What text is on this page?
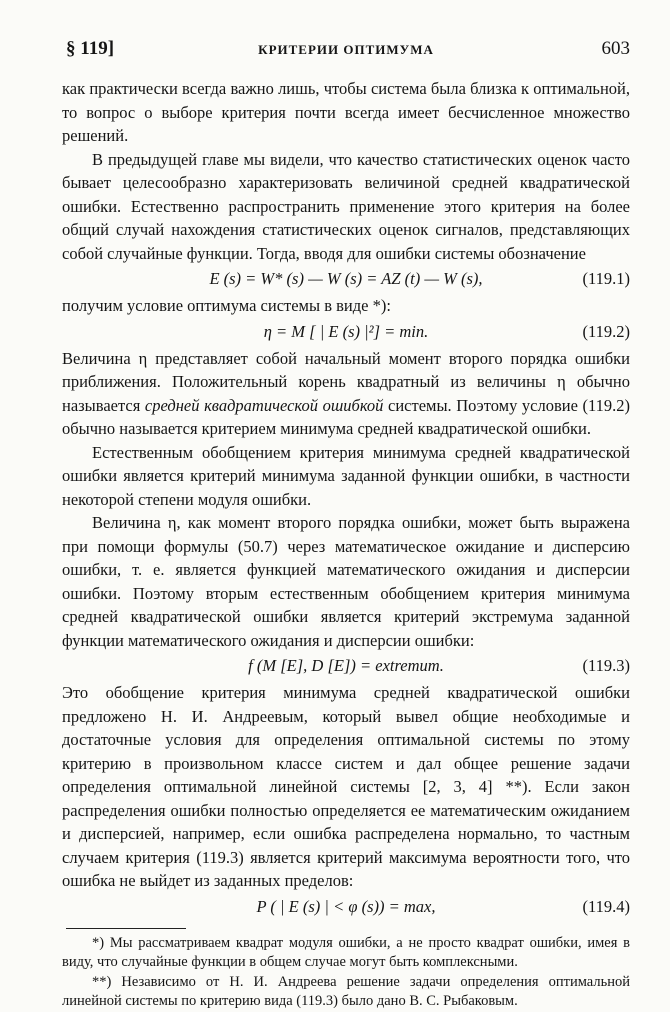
§ 119]	КРИТЕРИИ ОПТИМУМА	603

как практически всегда важно лишь, чтобы система была близка к оптимальной, то вопрос о выборе критерия почти всегда имеет бесчисленное множество решений.

В предыдущей главе мы видели, что качество статистических оценок часто бывает целесообразно характеризовать величиной средней квадратической ошибки. Естественно распространить применение этого критерия на более общий случай нахождения статистических оценок сигналов, представляющих собой случайные функции. Тогда, вводя для ошибки системы обозначение

E (s) = W* (s) — W (s) = AZ (t) — W (s),	(119.1)

получим условие оптимума системы в виде *):

η = M [ | E (s) |²] = min.	(119.2)

Величина η представляет собой начальный момент второго порядка ошибки приближения. Положительный корень квадратный из величины η обычно называется средней квадратической ошибкой системы. Поэтому условие (119.2) обычно называется критерием минимума средней квадратической ошибки.

Естественным обобщением критерия минимума средней квадратической ошибки является критерий минимума заданной функции ошибки, в частности некоторой степени модуля ошибки.

Величина η, как момент второго порядка ошибки, может быть выражена при помощи формулы (50.7) через математическое ожидание и дисперсию ошибки, т. е. является функцией математического ожидания и дисперсии ошибки. Поэтому вторым естественным обобщением критерия минимума средней квадратической ошибки является критерий экстремума заданной функции математического ожидания и дисперсии ошибки:

f (M [E], D [E]) = extremum.	(119.3)

Это обобщение критерия минимума средней квадратической ошибки предложено Н. И. Андреевым, который вывел общие необходимые и достаточные условия для определения оптимальной системы по этому критерию в произвольном классе систем и дал общее решение задачи определения оптимальной линейной системы [2, 3, 4] **). Если закон распределения ошибки полностью определяется ее математическим ожиданием и дисперсией, например, если ошибка распределена нормально, то частным случаем критерия (119.3) является критерий максимума вероятности того, что ошибка не выйдет из заданных пределов:

P ( | E (s) | < φ (s)) = max,	(119.4)

*) Мы рассматриваем квадрат модуля ошибки, а не просто квадрат ошибки, имея в виду, что случайные функции в общем случае могут быть комплексными.

**) Независимо от Н. И. Андреева решение задачи определения оптимальной линейной системы по критерию вида (119.3) было дано В. С. Рыбаковым.
